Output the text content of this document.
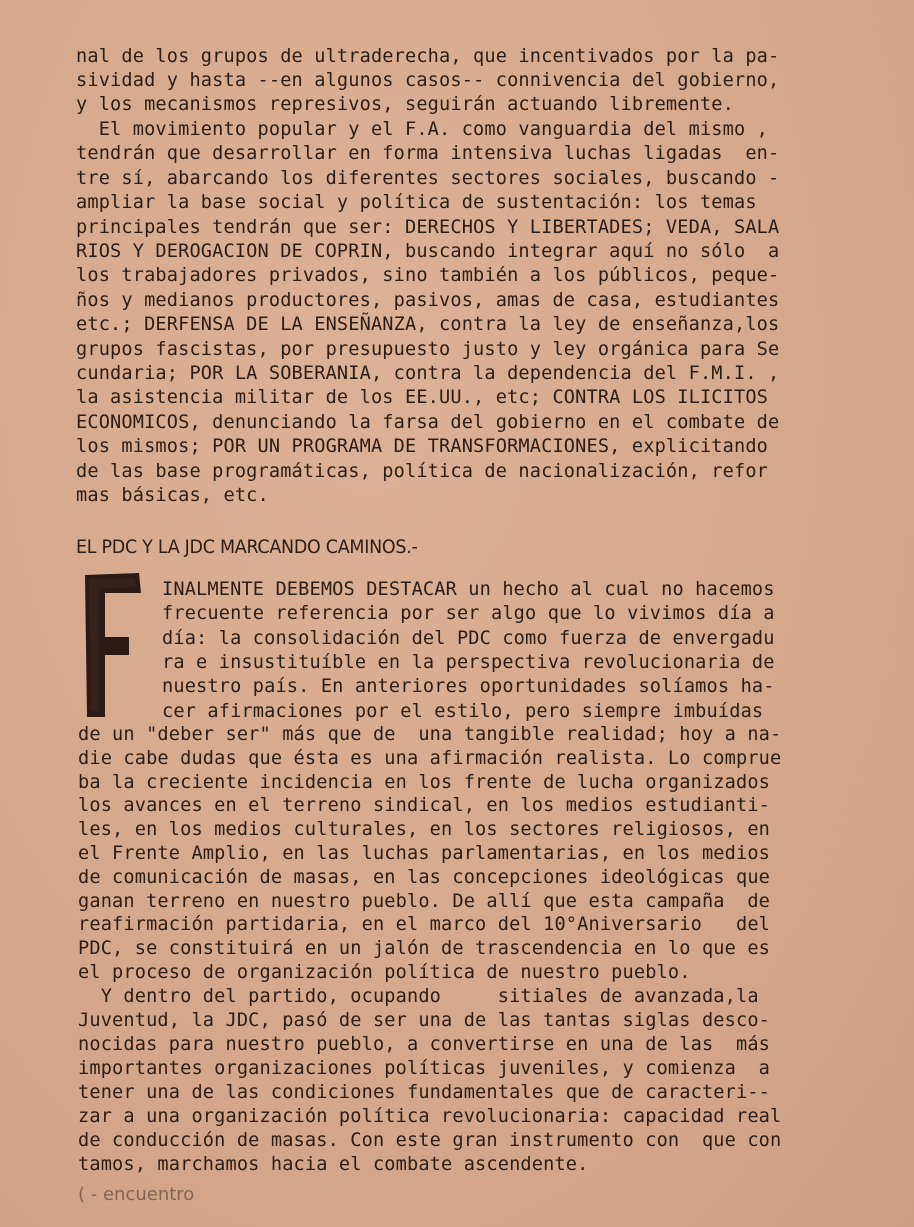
nal de los grupos de ultraderecha, que incentivados por la pa-
sividad y hasta --en algunos casos-- connivencia del gobierno,
y los mecanismos represivos, seguirán actuando libremente.
El movimiento popular y el F.A. como vanguardia del mismo ,
tendrán que desarrollar en forma intensiva luchas ligadas  en-
tre sí, abarcando los diferentes sectores sociales, buscando -
ampliar la base social y política de sustentación: los temas
principales tendrán que ser: DERECHOS Y LIBERTADES; VEDA, SALA
RIOS Y DEROGACION DE COPRIN, buscando integrar aquí no sólo  a
los trabajadores privados, sino también a los públicos, peque-
ños y medianos productores, pasivos, amas de casa, estudiantes
etc.; DERFENSA DE LA ENSEÑANZA, contra la ley de enseñanza,los
grupos fascistas, por presupuesto justo y ley orgánica para Se
cundaria; POR LA SOBERANIA, contra la dependencia del F.M.I. ,
la asistencia militar de los EE.UU., etc; CONTRA LOS ILICITOS
ECONOMICOS, denunciando la farsa del gobierno en el combate de
los mismos; POR UN PROGRAMA DE TRANSFORMACIONES, explicitando
de las base programáticas, política de nacionalización, refor
mas básicas, etc.
EL PDC Y LA JDC MARCANDO CAMINOS.-
INALMENTE DEBEMOS DESTACAR un hecho al cual no hacemos
frecuente referencia por ser algo que lo vivimos día a
día: la consolidación del PDC como fuerza de envergadu
ra e insustituíble en la perspectiva revolucionaria de
nuestro país. En anteriores oportunidades solíamos ha-
cer afirmaciones por el estilo, pero siempre imbuídas
de un "deber ser" más que de  una tangible realidad; hoy a na-
die cabe dudas que ésta es una afirmación realista. Lo comprue
ba la creciente incidencia en los frente de lucha organizados
los avances en el terreno sindical, en los medios estudianti-
les, en los medios culturales, en los sectores religiosos, en
el Frente Amplio, en las luchas parlamentarias, en los medios
de comunicación de masas, en las concepciones ideológicas que
ganan terreno en nuestro pueblo. De allí que esta campaña  de
reafirmación partidaria, en el marco del 10°Aniversario   del
PDC, se constituirá en un jalón de trascendencia en lo que es
el proceso de organización política de nuestro pueblo.
Y dentro del partido, ocupando     sitiales de avanzada,la
Juventud, la JDC, pasó de ser una de las tantas siglas desco-
nocidas para nuestro pueblo, a convertirse en una de las  más
importantes organizaciones políticas juveniles, y comienza  a
tener una de las condiciones fundamentales que de caracteri--
zar a una organización política revolucionaria: capacidad real
de conducción de masas. Con este gran instrumento con  que con
tamos, marchamos hacia el combate ascendente.
( - encuentro
